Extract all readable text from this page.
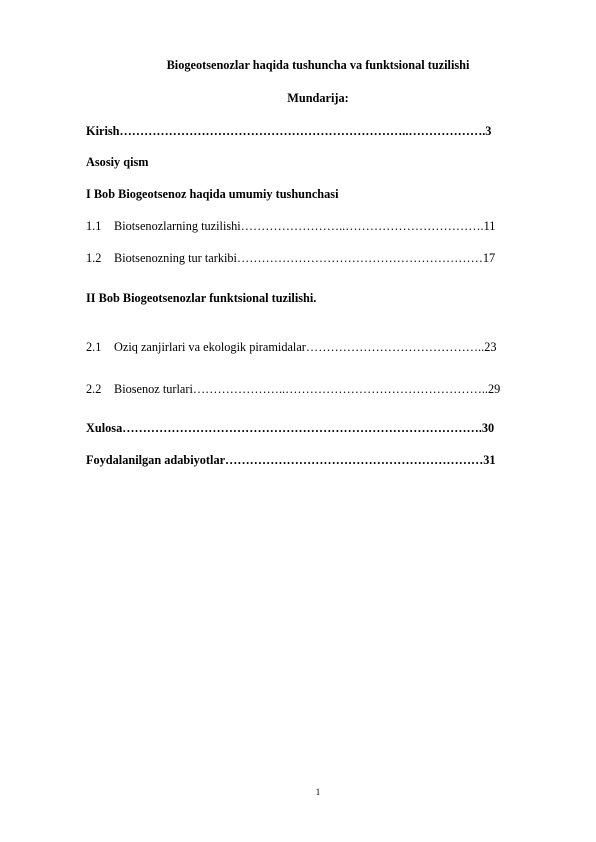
Biogeotsenozlar haqida tushuncha va funktsional tuzilishi
Mundarija:
Kirish……………………………………………………………..……………….3
Asosiy qism
I Bob Biogeotsenoz haqida umumiy tushunchasi
1.1 Biotsenozlarning tuzilishi……………………..…………………………….11
1.2 Biotsenozning tur tarkibi……………………………………………………17
II Bob Biogeotsenozlar funktsional tuzilishi.
2.1 Oziq zanjirlari va ekologik piramidalar……………………………………..23
2.2 Biosenoz turlari…………………..…………………………………………..29
Xulosa…………………………………………………………………………….30
Foydalanilgan adabiyotlar………………………………………………………31
1
